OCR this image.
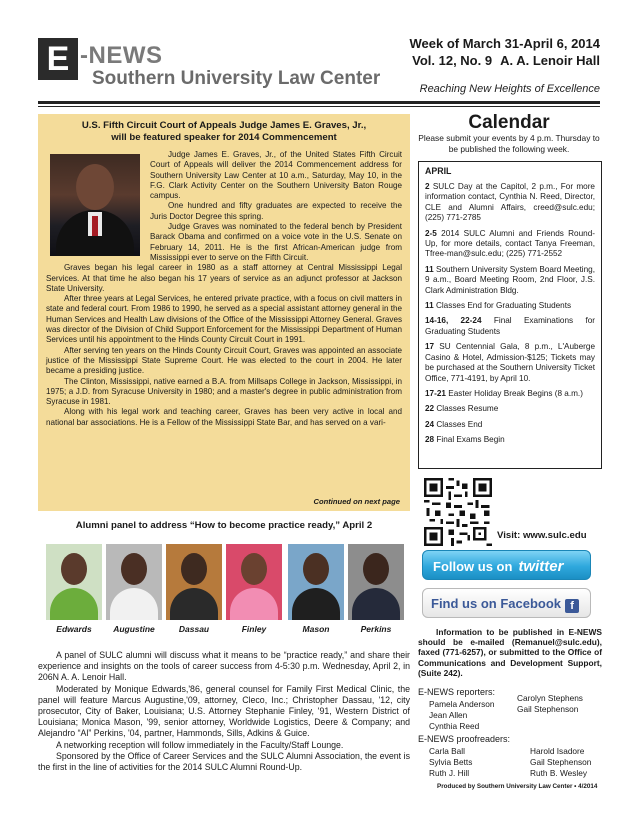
E -NEWS
Southern University Law Center
Week of March 31-April 6, 2014
Vol. 12, No. 9 A. A. Lenoir Hall
Reaching New Heights of Excellence
U.S. Fifth Circuit Court of Appeals Judge James E. Graves, Jr.,
will be featured speaker for 2014 Commencement

Judge James E. Graves, Jr., of the United States Fifth Circuit Court of Appeals will deliver the 2014 Commencement address for Southern University Law Center at 10 a.m., Saturday, May 10, in the F.G. Clark Activity Center on the Southern University Baton Rouge campus.

One hundred and fifty graduates are expected to receive the Juris Doctor Degree this spring.

Judge Graves was nominated to the federal bench by President Barack Obama and confirmed on a voice vote in the U.S. Senate on February 14, 2011. He is the first African-American judge from Mississippi ever to serve on the Fifth Circuit.

Graves began his legal career in 1980 as a staff attorney at Central Mississippi Legal Services. At that time he also began his 17 years of service as an adjunct professor at Jackson State University.

After three years at Legal Services, he entered private practice, with a focus on civil matters in state and federal court. From 1986 to 1990, he served as a special assistant attorney general in the Human Services and Health Law divisions of the Office of the Mississippi Attorney General. Graves was director of the Division of Child Support Enforcement for the Mississippi Department of Human Services until his appointment to the Hinds County Circuit Court in 1991.

After serving ten years on the Hinds County Circuit Court, Graves was appointed an associate justice of the Mississippi State Supreme Court. He was elected to the court in 2004. He later became a presiding justice.

The Clinton, Mississippi, native earned a B.A. from Millsaps College in Jackson, Mississippi, in 1975; a J.D. from Syracuse University in 1980; and a master's degree in public administration from Syracuse in 1981.

Along with his legal work and teaching career, Graves has been very active in local and national bar associations. He is a Fellow of the Mississippi State Bar, and has served on a vari-

Continued on next page
Alumni panel to address “How to become practice ready,” April 2
Edwards	Augustine	Dassau	Finley	Mason	Perkins

A panel of SULC alumni will discuss what it means to be “practice ready,” and share their experience and insights on the tools of career success from 4-5:30 p.m. Wednesday, April 2, in 206N A. A. Lenoir Hall.

Moderated by Monique Edwards,'86, general counsel for Family First Medical Clinic, the panel will feature Marcus Augustine,'09, attorney, Cleco, Inc.; Christopher Dassau, '12, city prosecutor, City of Baker, Louisiana; U.S. Attorney Stephanie Finley, '91, Western District of Louisiana; Monica Mason, '99, senior attorney, Worldwide Logistics, Deere & Company; and Alejandro “Al” Perkins, '04, partner, Hammonds, Sills, Adkins & Guice.

A networking reception will follow immediately in the Faculty/Staff Lounge.

Sponsored by the Office of Career Services and the SULC Alumni Association, the event is the first in the line of activities for the 2014 SULC Alumni Round-Up.

Calendar
Please submit your events by 4 p.m. Thursday to be published the following week.
APRIL
2 SULC Day at the Capitol, 2 p.m., For more information contact, Cynthia N. Reed, Director, CLE and Alumni Affairs, creed@sulc.edu; (225) 771-2785
2-5 2014 SULC Alumni and Friends Round-Up, for more details, contact Tanya Freeman, Tfree-man@sulc.edu; (225) 771-2552
11 Southern University System Board Meeting, 9 a.m., Board Meeting Room, 2nd Floor, J.S. Clark Administration Bldg.
11 Classes End for Graduating Students
14-16, 22-24 Final Examinations for Graduating Students
17 SU Centennial Gala, 8 p.m., L'Auberge Casino & Hotel, Admission-$125; Tickets may be purchased at the Southern University Ticket Office, 771-4191, by April 10.
17-21 Easter Holiday Break Begins (8 a.m.)
22 Classes Resume
24 Classes End
28 Final Exams Begin
Visit: www.sulc.edu
Follow us on twitter
Find us on Facebook f
Information to be published in E-NEWS should be e-mailed (Remanuel@sulc.edu), faxed (771-6257), or submitted to the Office of Communications and Development Support, (Suite 242).
E-NEWS reporters:
Pamela Anderson
Jean Allen
Cynthia Reed
Carolyn Stephens
Gail Stephenson
E-NEWS proofreaders:
Carla Ball
Sylvia Betts
Ruth J. Hill
Harold Isadore
Gail Stephenson
Ruth B. Wesley
Produced by Southern University Law Center • 4/2014
